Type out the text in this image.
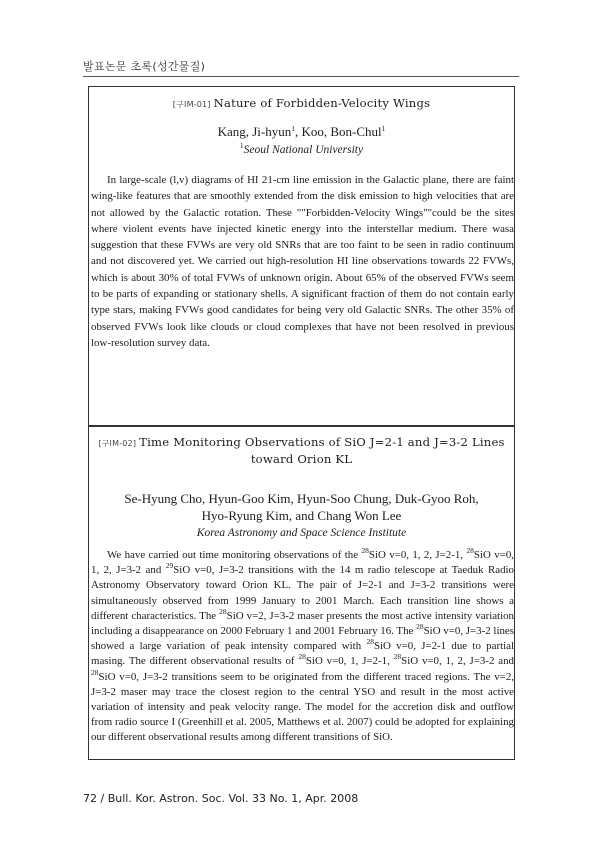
발표논문 초록(성간물질)
[구IM-01] Nature of Forbidden-Velocity Wings
Kang, Ji-hyun$^1$, Koo, Bon-Chul$^1$
$^1$Seoul National University

In large-scale (l,v) diagrams of HI 21-cm line emission in the Galactic plane, there are faint wing-like features that are smoothly extended from the disk emission to high velocities that are not allowed by the Galactic rotation. These ""Forbidden-Velocity Wings""could be the sites where violent events have injected kinetic energy into the interstellar medium. There wasa suggestion that these FVWs are very old SNRs that are too faint to be seen in radio continuum and not discovered yet. We carried out high-resolution HI line observations towards 22 FVWs, which is about 30% of total FVWs of unknown origin. About 65% of the observed FVWs seem to be parts of expanding or stationary shells. A significant fraction of them do not contain early type stars, making FVWs good candidates for being very old Galactic SNRs. The other 35% of observed FVWs look like clouds or cloud complexes that have not been resolved in previous low-resolution survey data.

[구IM-02] Time Monitoring Observations of SiO J=2-1 and J=3-2 Lines
toward Orion KL
Se-Hyung Cho, Hyun-Goo Kim, Hyun-Soo Chung, Duk-Gyoo Roh,
Hyo-Ryung Kim, and Chang Won Lee
Korea Astronomy and Space Science Institute

We have carried out time monitoring observations of the $^{28}$SiO v=0, 1, 2, J=2-1, $^{28}$SiO v=0, 1, 2, J=3-2 and $^{29}$SiO v=0, J=3-2 transitions with the 14 m radio telescope at Taeduk Radio Astronomy Observatory toward Orion KL. The pair of J=2-1 and J=3-2 transitions were simultaneously observed from 1999 January to 2001 March. Each transition line shows a different characteristics. The $^{28}$SiO v=2, J=3-2 maser presents the most active intensity variation including a disappearance on 2000 February 1 and 2001 February 16. The $^{28}$SiO v=0, J=3-2 lines showed a large variation of peak intensity compared with $^{28}$SiO v=0, J=2-1 due to partial masing. The different observational results of $^{28}$SiO v=0, 1, J=2-1, $^{28}$SiO v=0, 1, 2, J=3-2 and $^{28}$SiO v=0, J=3-2 transitions seem to be originated from the different traced regions. The v=2, J=3-2 maser may trace the closest region to the central YSO and result in the most active variation of intensity and peak velocity range. The model for the accretion disk and outflow from radio source I (Greenhill et al. 2005, Matthews et al. 2007) could be adopted for explaining our different observational results among different transitions of SiO.

72 / Bull. Kor. Astron. Soc. Vol. 33 No. 1, Apr. 2008
